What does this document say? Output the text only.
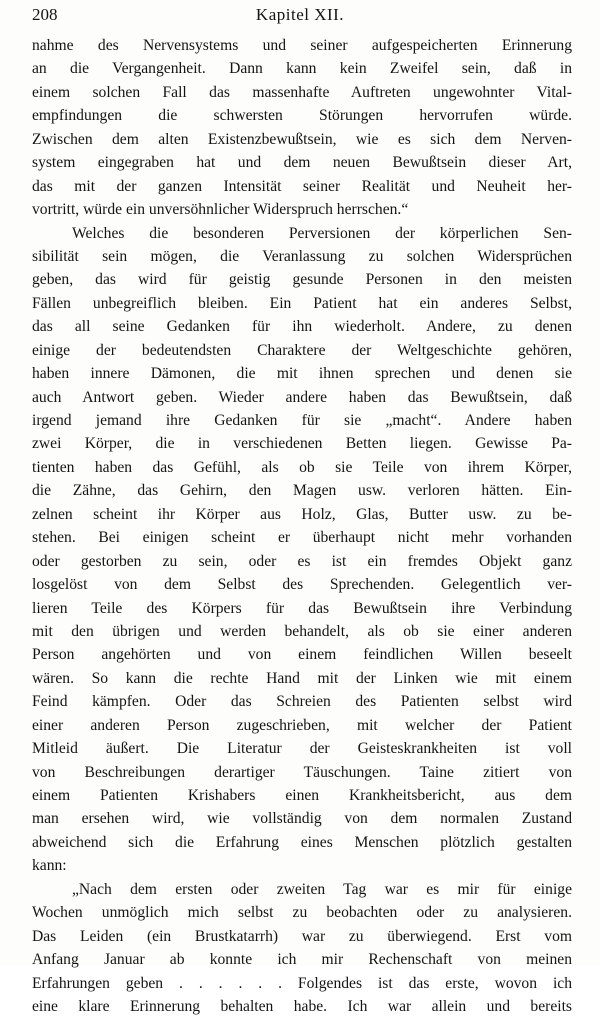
208	Kapitel XII.
nahme des Nervensystems und seiner aufgespeicherten Erinnerung
an die Vergangenheit. Dann kann kein Zweifel sein, daß in
einem solchen Fall das massenhafte Auftreten ungewohnter Vital-
empfindungen die schwersten Störungen hervorrufen würde.
Zwischen dem alten Existenzbewußtsein, wie es sich dem Nerven-
system eingegraben hat und dem neuen Bewußtsein dieser Art,
das mit der ganzen Intensität seiner Realität und Neuheit her-
vortritt, würde ein unversöhnlicher Widerspruch herrschen.“
Welches die besonderen Perversionen der körperlichen Sen-
sibilität sein mögen, die Veranlassung zu solchen Widersprüchen
geben, das wird für geistig gesunde Personen in den meisten
Fällen unbegreiflich bleiben. Ein Patient hat ein anderes Selbst,
das all seine Gedanken für ihn wiederholt. Andere, zu denen
einige der bedeutendsten Charaktere der Weltgeschichte gehören,
haben innere Dämonen, die mit ihnen sprechen und denen sie
auch Antwort geben. Wieder andere haben das Bewußtsein, daß
irgend jemand ihre Gedanken für sie „macht“. Andere haben
zwei Körper, die in verschiedenen Betten liegen. Gewisse Pa-
tienten haben das Gefühl, als ob sie Teile von ihrem Körper,
die Zähne, das Gehirn, den Magen usw. verloren hätten. Ein-
zelnen scheint ihr Körper aus Holz, Glas, Butter usw. zu be-
stehen. Bei einigen scheint er überhaupt nicht mehr vorhanden
oder gestorben zu sein, oder es ist ein fremdes Objekt ganz
losgelöst von dem Selbst des Sprechenden. Gelegentlich ver-
lieren Teile des Körpers für das Bewußtsein ihre Verbindung
mit den übrigen und werden behandelt, als ob sie einer anderen
Person angehörten und von einem feindlichen Willen beseelt
wären. So kann die rechte Hand mit der Linken wie mit einem
Feind kämpfen. Oder das Schreien des Patienten selbst wird
einer anderen Person zugeschrieben, mit welcher der Patient
Mitleid äußert. Die Literatur der Geisteskrankheiten ist voll
von Beschreibungen derartiger Täuschungen. Taine zitiert von
einem Patienten Krishabers einen Krankheitsbericht, aus dem
man ersehen wird, wie vollständig von dem normalen Zustand
abweichend sich die Erfahrung eines Menschen plötzlich gestalten
kann:
„Nach dem ersten oder zweiten Tag war es mir für einige
Wochen unmöglich mich selbst zu beobachten oder zu analysieren.
Das Leiden (ein Brustkatarrh) war zu überwiegend. Erst vom
Anfang Januar ab konnte ich mir Rechenschaft von meinen
Erfahrungen geben . . . . . . Folgendes ist das erste, wovon ich
eine klare Erinnerung behalten habe. Ich war allein und bereits
